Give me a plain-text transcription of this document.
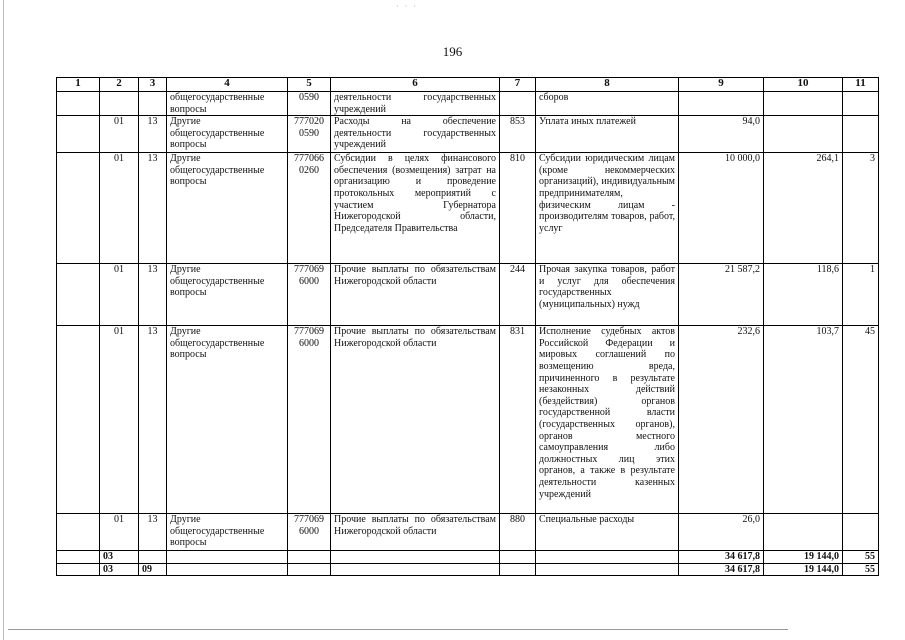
· · ·
196
1	2	3	4	5	6	7	8	9	10	11
			общегосударственные вопросы	0590	деятельности государственных учреждений		сборов			
	01	13	Другие общегосударственные вопросы	777020 0590	Расходы на обеспечение деятельности государственных учреждений	853	Уплата иных платежей	94,0		
	01	13	Другие общегосударственные вопросы	777066 0260	Субсидии в целях финансового обеспечения (возмещения) затрат на организацию и проведение протокольных мероприятий с участием Губернатора Нижегородской области, Председателя Правительства	810	Субсидии юридическим лицам (кроме некоммерческих организаций), индивидуальным предпринимателям, физическим лицам - производителям товаров, работ, услуг	10 000,0	264,1	3
	01	13	Другие общегосударственные вопросы	777069 6000	Прочие выплаты по обязательствам Нижегородской области	244	Прочая закупка товаров, работ и услуг для обеспечения государственных (муниципальных) нужд	21 587,2	118,6	1
	01	13	Другие общегосударственные вопросы	777069 6000	Прочие выплаты по обязательствам Нижегородской области	831	Исполнение судебных актов Российской Федерации и мировых соглашений по возмещению вреда, причиненного в результате незаконных действий (бездействия) органов государственной власти (государственных органов), органов местного самоуправления либо должностных лиц этих органов, а также в результате деятельности казенных учреждений	232,6	103,7	45
	01	13	Другие общегосударственные вопросы	777069 6000	Прочие выплаты по обязательствам Нижегородской области	880	Специальные расходы	26,0		
	03							34 617,8	19 144,0	55
	03	09						34 617,8	19 144,0	55
